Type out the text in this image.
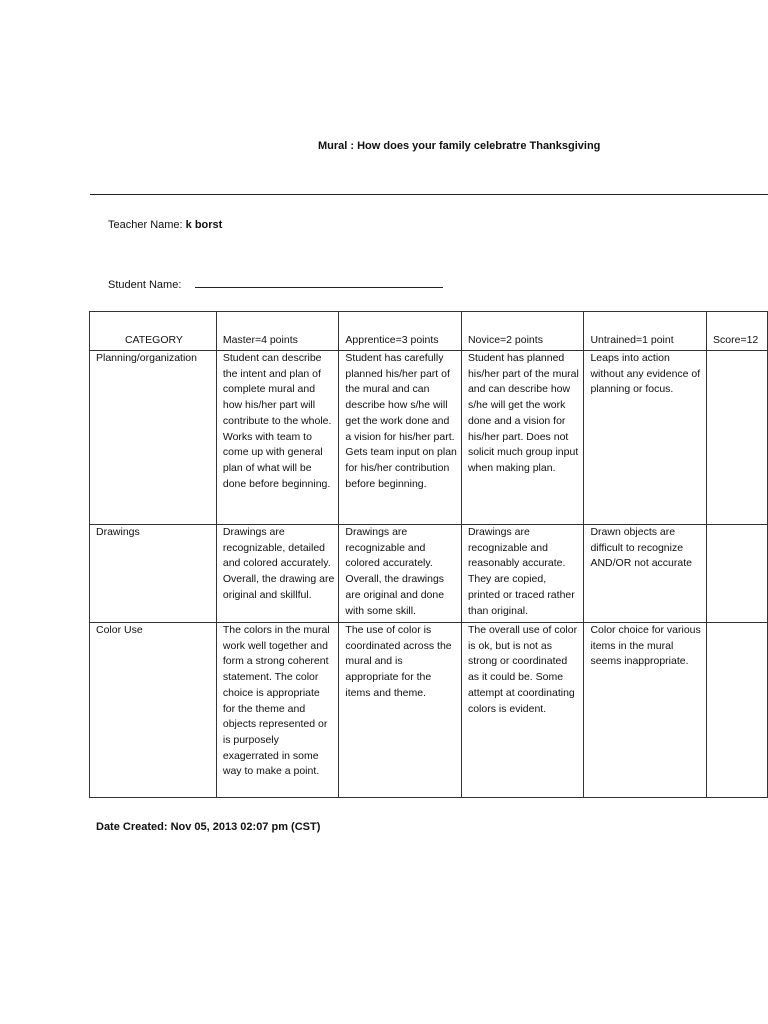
Mural : How does your family celebratre Thanksgiving
Teacher Name: k borst
Student Name:
CATEGORY	Master=4 points	Apprentice=3 points	Novice=2 points	Untrained=1 point	Score=12
Planning/organization	Student can describe the intent and plan of complete mural and how his/her part will contribute to the whole. Works with team to come up with general plan of what will be done before beginning.	Student has carefully planned his/her part of the mural and can describe how s/he will get the work done and a vision for his/her part. Gets team input on plan for his/her contribution before beginning.	Student has planned his/her part of the mural and can describe how s/he will get the work done and a vision for his/her part. Does not solicit much group input when making plan.	Leaps into action without any evidence of planning or focus.	
Drawings	Drawings are recognizable, detailed and colored accurately. Overall, the drawing are original and skillful.	Drawings are recognizable and colored accurately. Overall, the drawings are original and done with some skill.	Drawings are recognizable and reasonably accurate. They are copied, printed or traced rather than original.	Drawn objects are difficult to recognize AND/OR not accurate	
Color Use	The colors in the mural work well together and form a strong coherent statement. The color choice is appropriate for the theme and objects represented or is purposely exagerrated in some way to make a point.	The use of color is coordinated across the mural and is appropriate for the items and theme.	The overall use of color is ok, but is not as strong or coordinated as it could be. Some attempt at coordinating colors is evident.	Color choice for various items in the mural seems inappropriate.	
Date Created: Nov 05, 2013 02:07 pm (CST)
